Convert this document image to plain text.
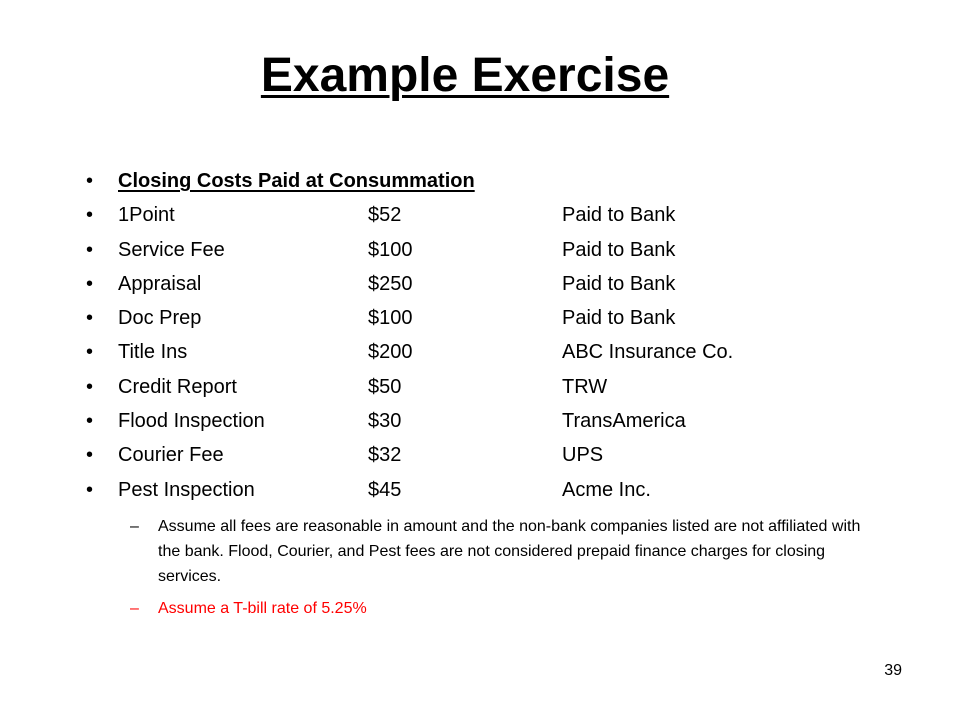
Example Exercise
•	Closing Costs Paid at Consummation
•	1Point	$52	Paid to Bank
•	Service Fee	$100	Paid to Bank
•	Appraisal	$250	Paid to Bank
•	Doc Prep	$100	Paid to Bank
•	Title Ins	$200	ABC Insurance Co.
•	Credit Report	$50	TRW
•	Flood Inspection	$30	TransAmerica
•	Courier Fee	$32	UPS
•	Pest Inspection	$45	Acme Inc.
– Assume all fees are reasonable in amount and the non-bank companies listed are not affiliated with the bank. Flood, Courier, and Pest fees are not considered prepaid finance charges for closing services.
– Assume a T-bill rate of 5.25%
39
